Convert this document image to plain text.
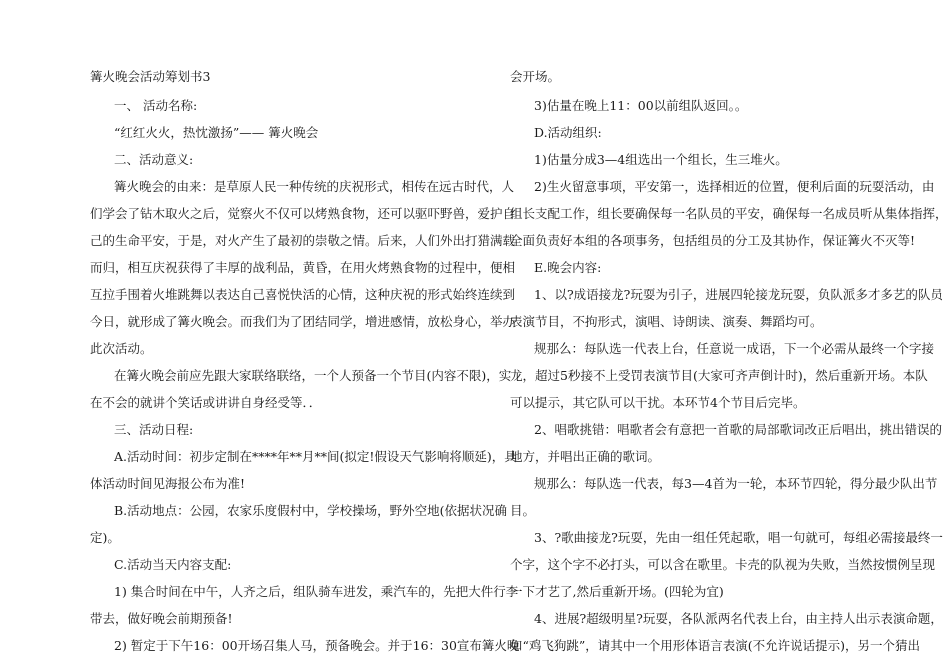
篝火晚会活动筹划书3
一、 活动名称:
“红红火火，热忱激扬”—— 篝火晚会
二、活动意义:
篝火晚会的由来：是草原人民一种传统的庆祝形式，相传在远古时代，人
们学会了钻木取火之后，觉察火不仅可以烤熟食物，还可以驱吓野兽，爱护自
己的生命平安，于是，对火产生了最初的崇敬之情。后来，人们外出打猎满载
而归，相互庆祝获得了丰厚的战利品，黄昏，在用火烤熟食物的过程中，便相
互拉手围着火堆跳舞以表达自己喜悦快活的心情，这种庆祝的形式始终连续到
今日，就形成了篝火晚会。而我们为了团结同学，增进感情，放松身心，举办
此次活动。
在篝火晚会前应先跟大家联络联络，一个人预备一个节目(内容不限)，实
在不会的就讲个笑话或讲讲自身经受等．．
三、活动日程:
A.活动时间：初步定制在****年**月**间(拟定!假设天气影响将顺延)，具
体活动时间见海报公布为准!
B.活动地点：公园，农家乐度假村中，学校操场，野外空地(依据状况确
定)。
C.活动当天内容支配:
1) 集合时间在中午，人齐之后，组队骑车进发，乘汽车的，先把大件行李
带去，做好晚会前期预备!
2) 暂定于下午16：00开场召集人马，预备晚会。并于16：30宣布篝火晚
会开场。
3)估量在晚上11：00以前组队返回。。
D.活动组织:
1)估量分成3—4组选出一个组长，生三堆火。
2)生火留意事项，平安第一，选择相近的位置，便利后面的玩耍活动，由
组长支配工作，组长要确保每一名队员的平安，确保每一名成员听从集体指挥，
全面负责好本组的各项事务，包括组员的分工及其协作，保证篝火不灭等!
E.晚会内容:
1、以?成语接龙?玩耍为引子，进展四轮接龙玩耍，负队派多才多艺的队员
表演节目，不拘形式，演唱、诗朗读、演奏、舞蹈均可。
规那么：每队选一代表上台，任意说一成语，下一个必需从最终一个字接
龙，超过5秒接不上受罚表演节目(大家可齐声倒计时)，然后重新开场。本队
可以提示，其它队可以干扰。本环节4个节目后完毕。
2、唱歌挑错：唱歌者会有意把一首歌的局部歌词改正后唱出，挑出错误的
地方，并唱出正确的歌词。
规那么：每队选一代表，每3—4首为一轮，本环节四轮，得分最少队出节
目。
3、?歌曲接龙?玩耍，先由一组任凭起歌，唱一句就可，每组必需接最终一
个字，这个字不必打头，可以含在歌里。卡壳的队视为失败，当然按惯例呈现
一下才艺了,然后重新开场。(四轮为宜)
4、进展?超级明星?玩耍，各队派两名代表上台，由主持人出示表演命题，
如“鸡飞狗跳”，请其中一个用形体语言表演(不允许说话提示)，另一个猜出
